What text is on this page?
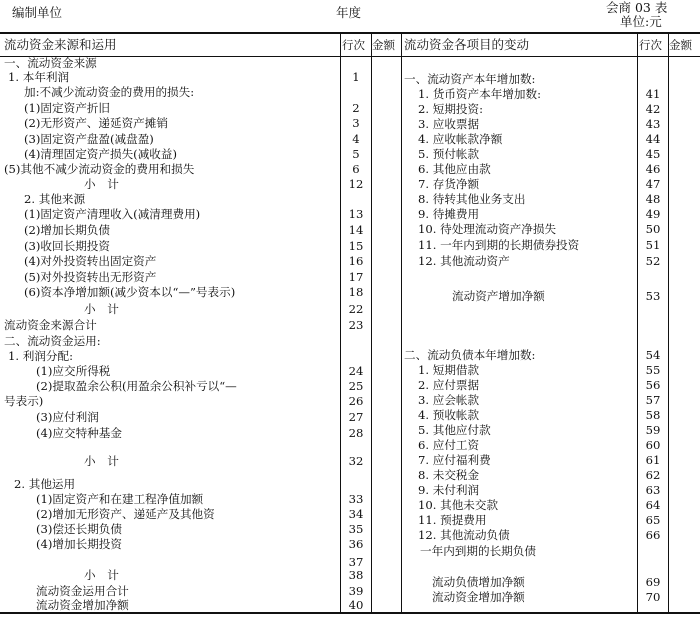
编制单位	年度	会商 03 表
单位:元
流动资金来源和运用	行次 金额 流动资金各项目的变动	行次 金额
一、流动资金来源
1. 本年利润	1
加:不减少流动资金的费用的损失:
(1)固定资产折旧	2
(2)无形资产、递延资产摊销	3
(3)固定资产盘盈(减盘盈)	4
(4)清理固定资产损失(减收益)	5
(5)其他不减少流动资金的费用和损失	6
小　计	12
2. 其他来源
(1)固定资产清理收入(减清理费用)	13
(2)增加长期负债	14
(3)收回长期投资	15
(4)对外投资转出固定资产	16
(5)对外投资转出无形资产	17
(6)资本净增加额(减少资本以“—”号表示)	18
小　计	22
流动资金来源合计	23
二、流动资金运用:
1. 利润分配:
(1)应交所得税	24
(2)提取盈余公积(用盈余公积补亏以“—	25
号表示)	26
(3)应付利润	27
(4)应交特种基金	28
小　计	32
2. 其他运用
(1)固定资产和在建工程净值加额	33
(2)增加无形资产、递延产及其他资	34
(3)偿还长期负债	35
(4)增加长期投资	36
37
小　计	38
流动资金运用合计	39
流动资金增加净额	40
一、流动资产本年增加数:
1. 货币资产本年增加数:	41
2. 短期投资:	42
3. 应收票据	43
4. 应收帐款净额	44
5. 预付帐款	45
6. 其他应由款	46
7. 存货净额	47
8. 待转其他业务支出	48
9. 待摊费用	49
10. 待处理流动资产净损失	50
11. 一年内到期的长期债券投资	51
12. 其他流动资产	52
流动资产增加净额	53
二、流动负债本年增加数:	54
1. 短期借款	55
2. 应付票据	56
3. 应会帐款	57
4. 预收帐款	58
5. 其他应付款	59
6. 应付工资	60
7. 应付福利费	61
8. 未交税金	62
9. 未付利润	63
10. 其他未交款	64
11. 预提费用	65
12. 其他流动负债	66
一年内到期的长期负债
流动负债增加净额	69
流动资金增加净额	70
